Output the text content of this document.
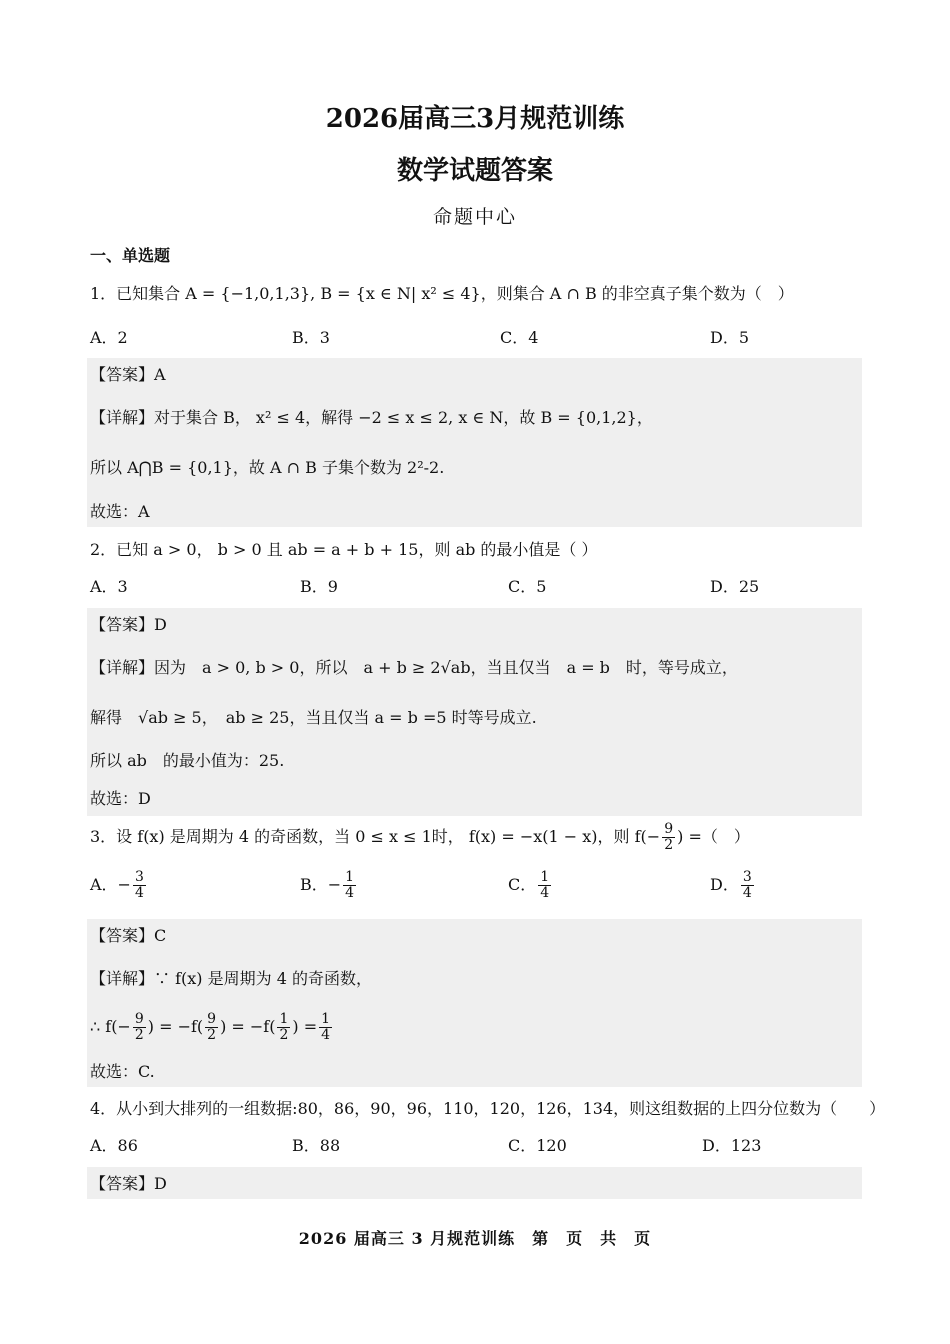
2026届高三3月规范训练
数学试题答案
命题中心
一、单选题
1．已知集合 A = {−1,0,1,3}, B = {x ∈ N| x² ≤ 4}，则集合 A ∩ B 的非空真子集个数为（　）
A．2	B．3	C．4	D．5
【答案】A
【详解】对于集合 B， x² ≤ 4，解得 −2 ≤ x ≤ 2, x ∈ N，故 B = {0,1,2}，
所以 A⋂B = {0,1}，故 A ∩ B 子集个数为 2²-2.
故选：A
2．已知 a > 0， b > 0 且 ab = a + b + 15，则 ab 的最小值是（ ）
A．3	B．9	C．5	D．25
【答案】D
【详解】因为　a > 0, b > 0，所以　a + b ≥ 2√ab，当且仅当　a = b　时，等号成立，
解得　√ab ≥ 5，　ab ≥ 25，当且仅当 a = b =5 时等号成立.
所以 ab　的最小值为：25.
故选：D
3．设 f(x) 是周期为 4 的奇函数，当 0 ≤ x ≤ 1时， f(x) = −x(1 − x)，则 $f(- \frac{9}{2}$ ) =（　）
A．− $\frac{3}{4}$	B．− $\frac{1}{4}$	C． $\frac{1}{4}$	D． $\frac{3}{4}$
【答案】C
【详解】∵ f(x) 是周期为 4 的奇函数，
∴ $f(- \frac{9}{2}$ ) = $-f( \frac{9}{2}$ ) = $-f( \frac{1}{2}$ ) = $\frac{1}{4}$
故选：C.
4．从小到大排列的一组数据:80，86，90，96，110，120，126，134，则这组数据的上四分位数为（　　）
A．86	B．88	C．120	D．123
【答案】D
2026 届高三 3 月规范训练　第　页　共　页
